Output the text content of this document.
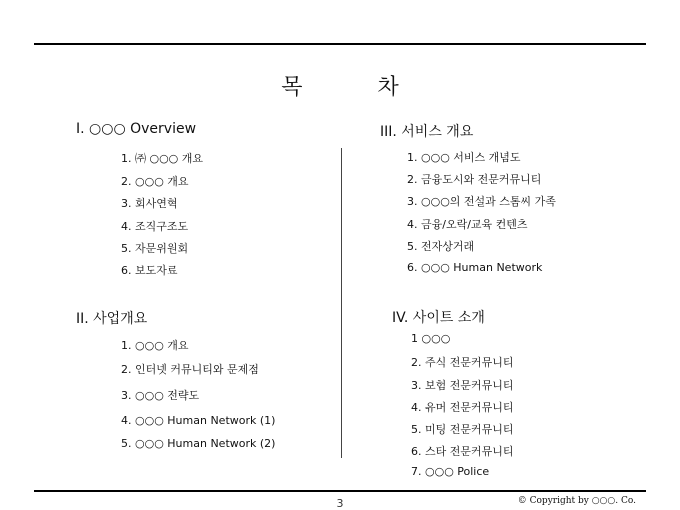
목 차
I. ○○○ Overview
1. ㈜ ○○○ 개요
2. ○○○ 개요
3. 회사연혁
4. 조직구조도
5. 자문위원회
6. 보도자료
II. 사업개요
1. ○○○ 개요
2. 인터넷 커뮤니티와 문제점
3. ○○○ 전략도
4. ○○○ Human Network (1)
5. ○○○ Human Network (2)
III. 서비스 개요
1. ○○○ 서비스 개념도
2. 금융도시와 전문커뮤니티
3. ○○○의 전설과 스톰씨 가족
4. 금융/오락/교육 컨텐츠
5. 전자상거래
6. ○○○ Human Network
IV. 사이트 소개
1 ○○○
2. 주식 전문커뮤니티
3. 보험 전문커뮤니티
4. 유머 전문커뮤니티
5. 미팅 전문커뮤니티
6. 스타 전문커뮤니티
7. ○○○ Police
3	© Copyright by ○○○. Co.
